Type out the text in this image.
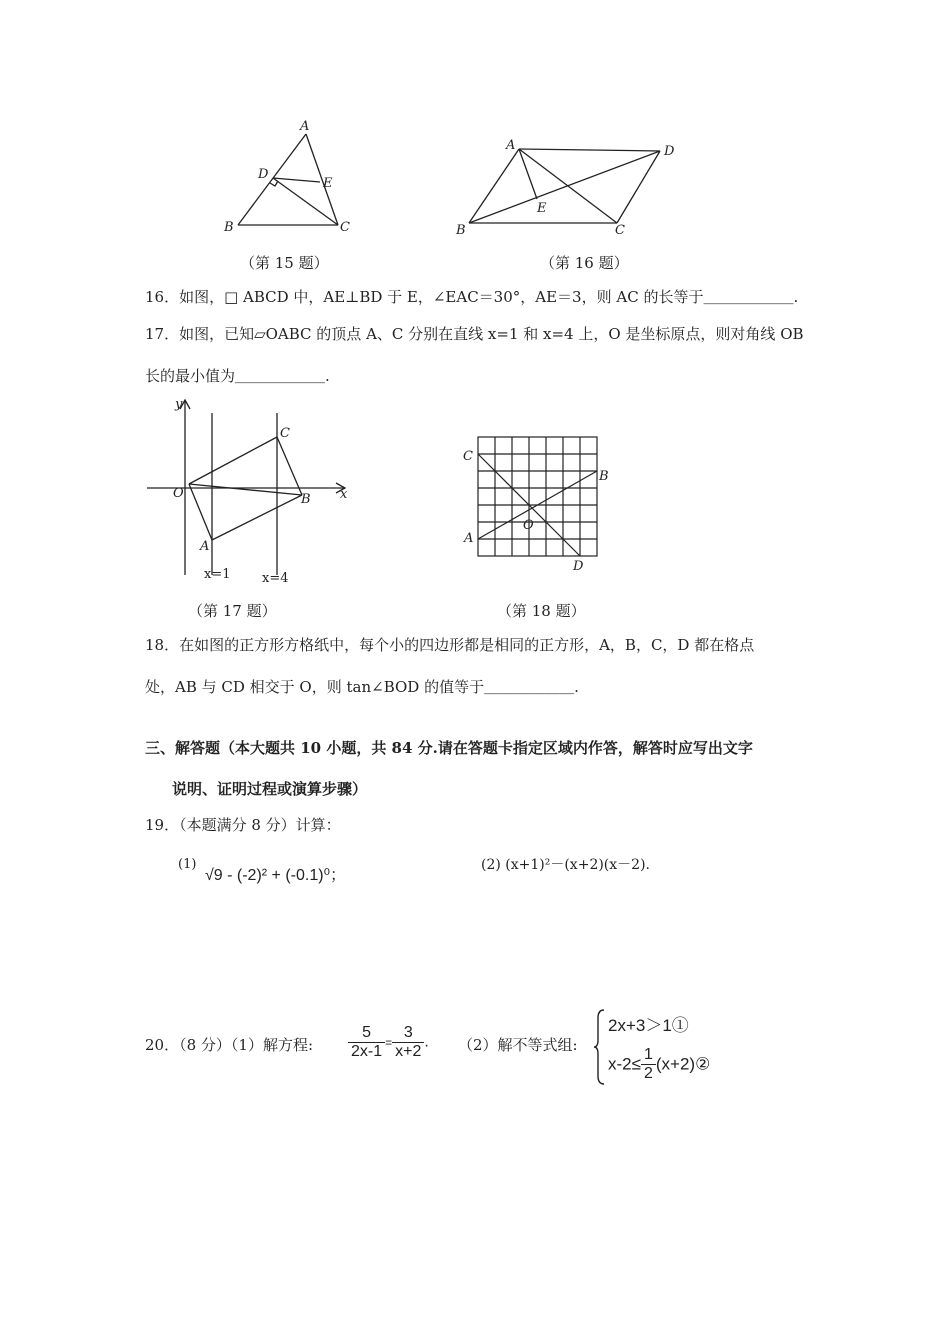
A
D
E
B	C
（第 15 题）
A	D
E
B	C
（第 16 题）
16．如图，□ ABCD 中，AE⊥BD 于 E，∠EAC＝30°，AE＝3，则 AC 的长等于＿＿＿＿＿＿.
17．如图，已知▱OABC 的顶点 A、C 分别在直线 x=1 和 x=4 上，O 是坐标原点，则对角线 OB
长的最小值为＿＿＿＿＿＿.
y
x
O
C
B
A
x=1 x=4
（第 17 题）
C
B
O
A
D
（第 18 题）
18．在如图的正方形方格纸中，每个小的四边形都是相同的正方形，A，B，C，D 都在格点
处，AB 与 CD 相交于 O，则 tan∠BOD 的值等于＿＿＿＿＿＿.
三、解答题（本大题共 10 小题，共 84 分.请在答题卡指定区域内作答，解答时应写出文字
说明、证明过程或演算步骤）
19．（本题满分 8 分）计算：
(1)
√9 - (-2)² + (-0.1)⁰；
(2) (x+1)²－(x+2)(x－2).
20．（8 分）（1）解方程: $\frac{5}{2x-1} = \frac{3}{x+2}$ . （2）解不等式组:
2x+3＞1①
$x-2\le \frac{1}{2}$ (x+2)②
